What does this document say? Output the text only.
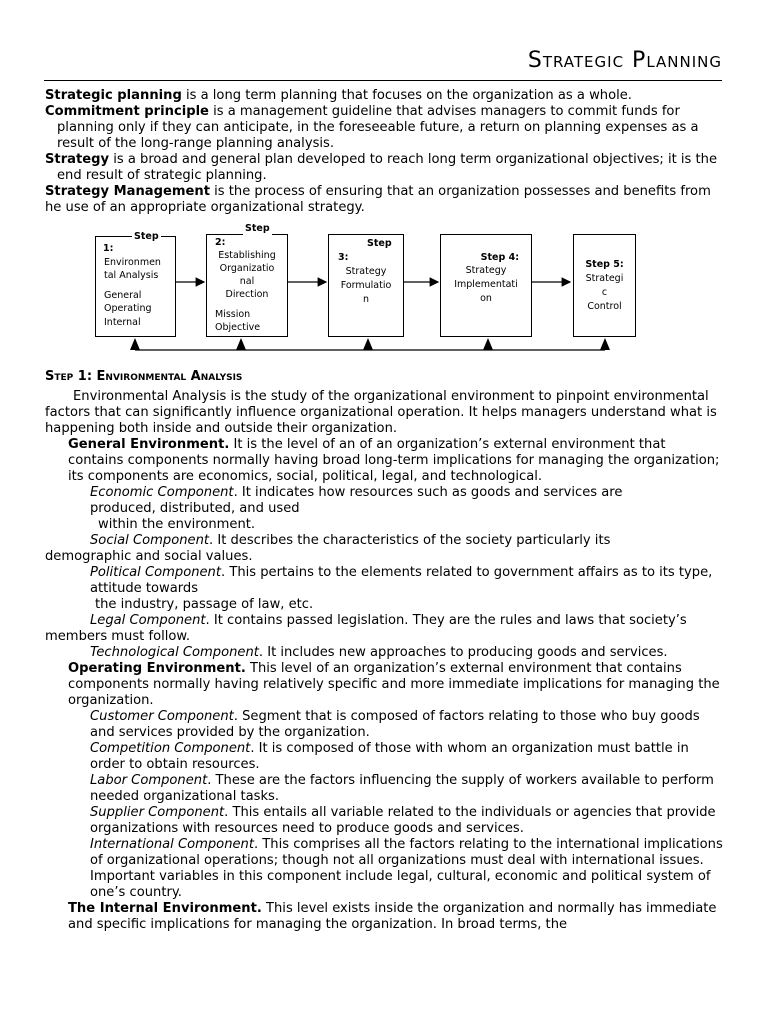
Strategic Planning

Strategic planning is a long term planning that focuses on the organization as a whole.

Commitment principle is a management guideline that advises managers to commit funds for planning only if they can anticipate, in the foreseeable future, a return on planning expenses as a result of the long-range planning analysis.

Strategy is a broad and general plan developed to reach long term organizational objectives; it is the end result of strategic planning.

Strategy Management is the process of ensuring that an organization possesses and benefits from he use of an appropriate organizational strategy.

Step
1:
Environmen
tal Analysis
General
Operating
Internal
Step
2:
Establishing
Organizatio
nal
Direction
Mission
Objective
Step
3:
Strategy
Formulatio
n
Step 4:
Strategy
Implementati
on
Step 5:
Strategi
c
Control

Step 1: Environmental Analysis

Environmental Analysis is the study of the organizational environment to pinpoint environmental factors that can significantly influence organizational operation. It helps managers understand what is happening both inside and outside their organization.

General Environment. It is the level of an of an organization’s external environment that contains components normally having broad long-term implications for managing the organization; its components are economics, social, political, legal, and technological.

Economic Component. It indicates how resources such as goods and services are produced, distributed, and used

within the environment.

Social Component. It describes the characteristics of the society particularly its

demographic and social values.

Political Component. This pertains to the elements related to government affairs as to its type, attitude towards

the industry, passage of law, etc.

Legal Component. It contains passed legislation. They are the rules and laws that society’s

members must follow.

Technological Component. It includes new approaches to producing goods and services.

Operating Environment. This level of an organization’s external environment that contains components normally having relatively specific and more immediate implications for managing the organization.

Customer Component. Segment that is composed of factors relating to those who buy goods and services provided by the organization.

Competition Component. It is composed of those with whom an organization must battle in order to obtain resources.

Labor Component. These are the factors influencing the supply of workers available to perform needed organizational tasks.

Supplier Component. This entails all variable related to the individuals or agencies that provide organizations with resources need to produce goods and services.

International Component. This comprises all the factors relating to the international implications of organizational operations; though not all organizations must deal with international issues. Important variables in this component include legal, cultural, economic and political system of one’s country.

The Internal Environment. This level exists inside the organization and normally has immediate and specific implications for managing the organization. In broad terms, the
